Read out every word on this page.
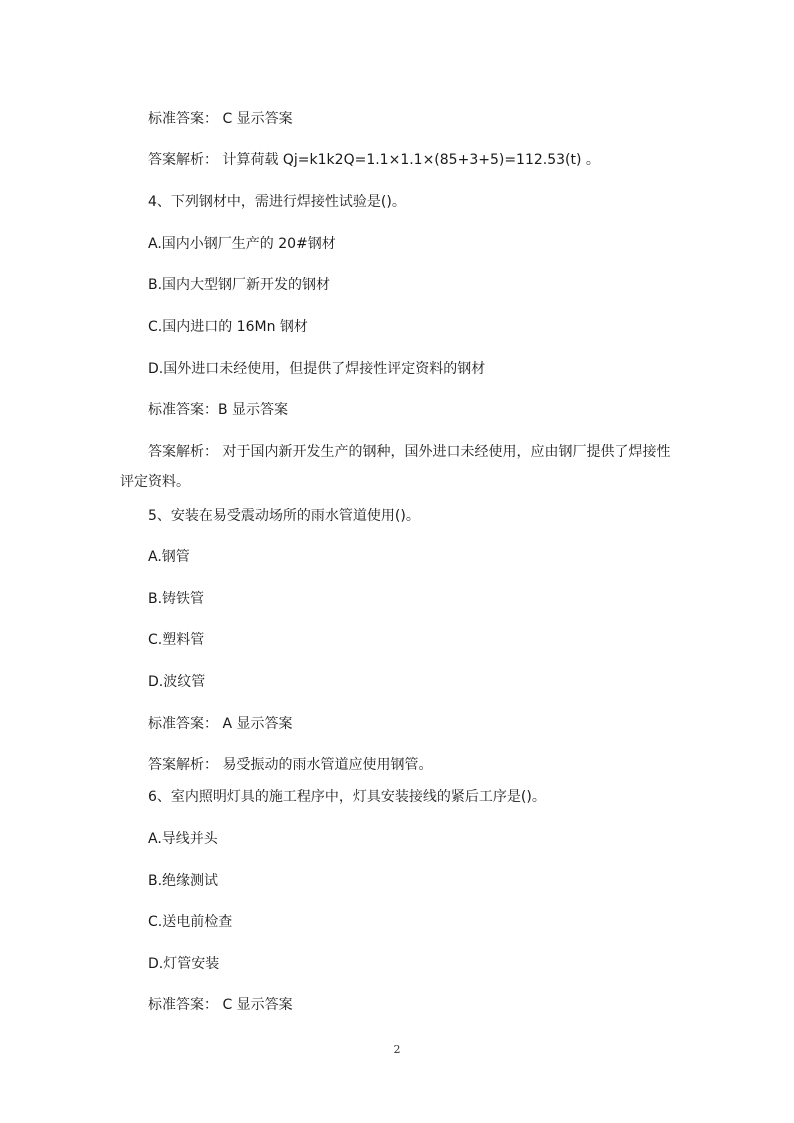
标准答案： C 显示答案
答案解析： 计算荷载 Qj=k1k2Q=1.1×1.1×(85+3+5)=112.53(t) 。
4、下列钢材中，需进行焊接性试验是()。
A.国内小钢厂生产的 20#钢材
B.国内大型钢厂新开发的钢材
C.国内进口的 16Mn 钢材
D.国外进口未经使用，但提供了焊接性评定资料的钢材
标准答案：B 显示答案
答案解析： 对于国内新开发生产的钢种，国外进口未经使用，应由钢厂提供了焊接性评定资料。
5、安装在易受震动场所的雨水管道使用()。
A.钢管
B.铸铁管
C.塑料管
D.波纹管
标准答案： A 显示答案
答案解析： 易受振动的雨水管道应使用钢管。
6、室内照明灯具的施工程序中，灯具安装接线的紧后工序是()。
A.导线并头
B.绝缘测试
C.送电前检查
D.灯管安装
标准答案： C 显示答案
2
